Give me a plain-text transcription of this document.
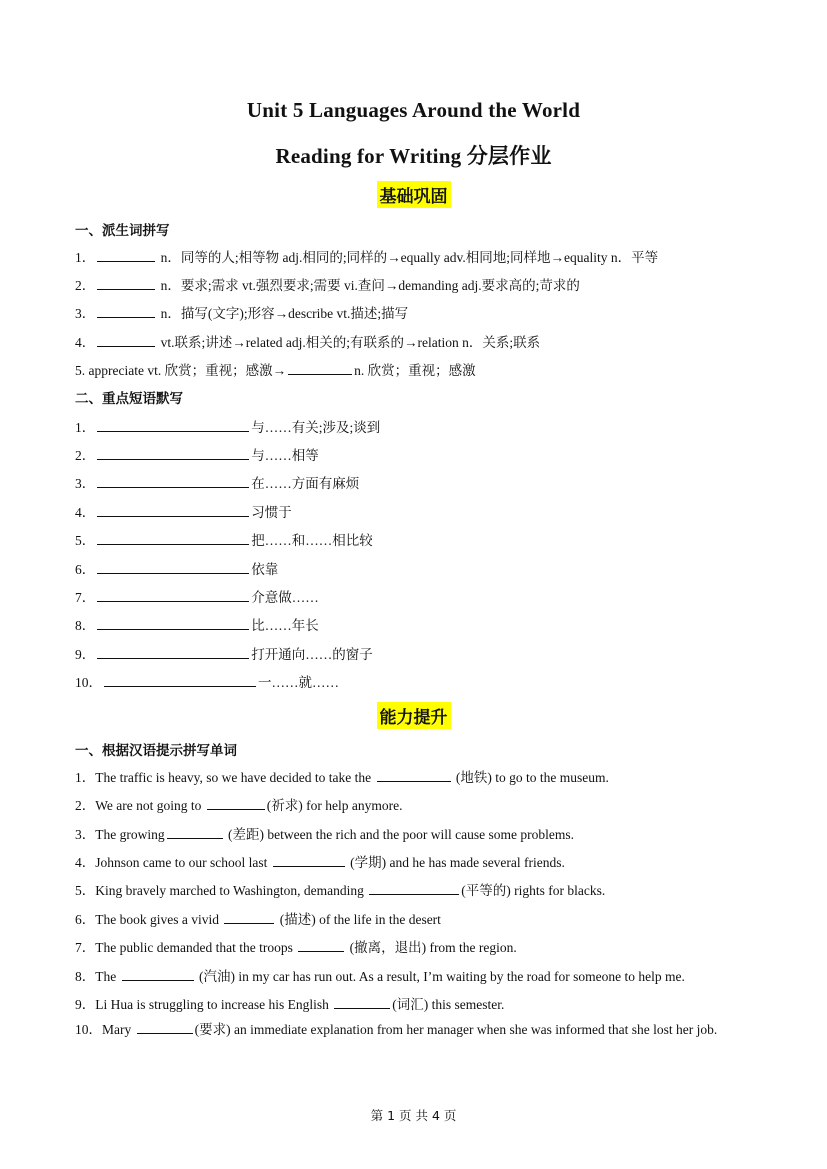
Unit 5 Languages Around the World
Reading for Writing 分层作业
基础巩固
一、派生词拼写
1．	n．同等的人;相等物 adj.相同的;同样的→equally adv.相同地;同样地→equality n．平等
2．	n．要求;需求 vt.强烈要求;需要 vi.查问→demanding adj.要求高的;苛求的
3．	n．描写(文字);形容→describe vt.描述;描写
4．	vt.联系;讲述→related adj.相关的;有联系的→relation n．关系;联系
5. appreciate vt. 欣赏；重视；感激→	n. 欣赏；重视；感激
二、重点短语默写
1．	与……有关;涉及;谈到
2．	与……相等
3．	在……方面有麻烦
4．	习惯于
5．	把……和……相比较
6．	依靠
7．	介意做……
8．	比……年长
9．	打开通向……的窗子
10．	一……就……
能力提升
一、根据汉语提示拼写单词
1．The traffic is heavy, so we have decided to take the	(地铁) to go to the museum.
2．We are not going to	(祈求) for help anymore.
3．The growing	(差距) between the rich and the poor will cause some problems.
4．Johnson came to our school last	(学期) and he has made several friends.
5．King bravely marched to Washington, demanding	(平等的) rights for blacks.
6．The book gives a vivid	(描述) of the life in the desert
7．The public demanded that the troops	(撤离，退出) from the region.
8．The	(汽油) in my car has run out. As a result, I’m waiting by the road for someone to help me.
9．Li Hua is struggling to increase his English	(词汇) this semester.
10．Mary	(要求) an immediate explanation from her manager when she was informed that she lost her job.
第 1 页 共 4 页
